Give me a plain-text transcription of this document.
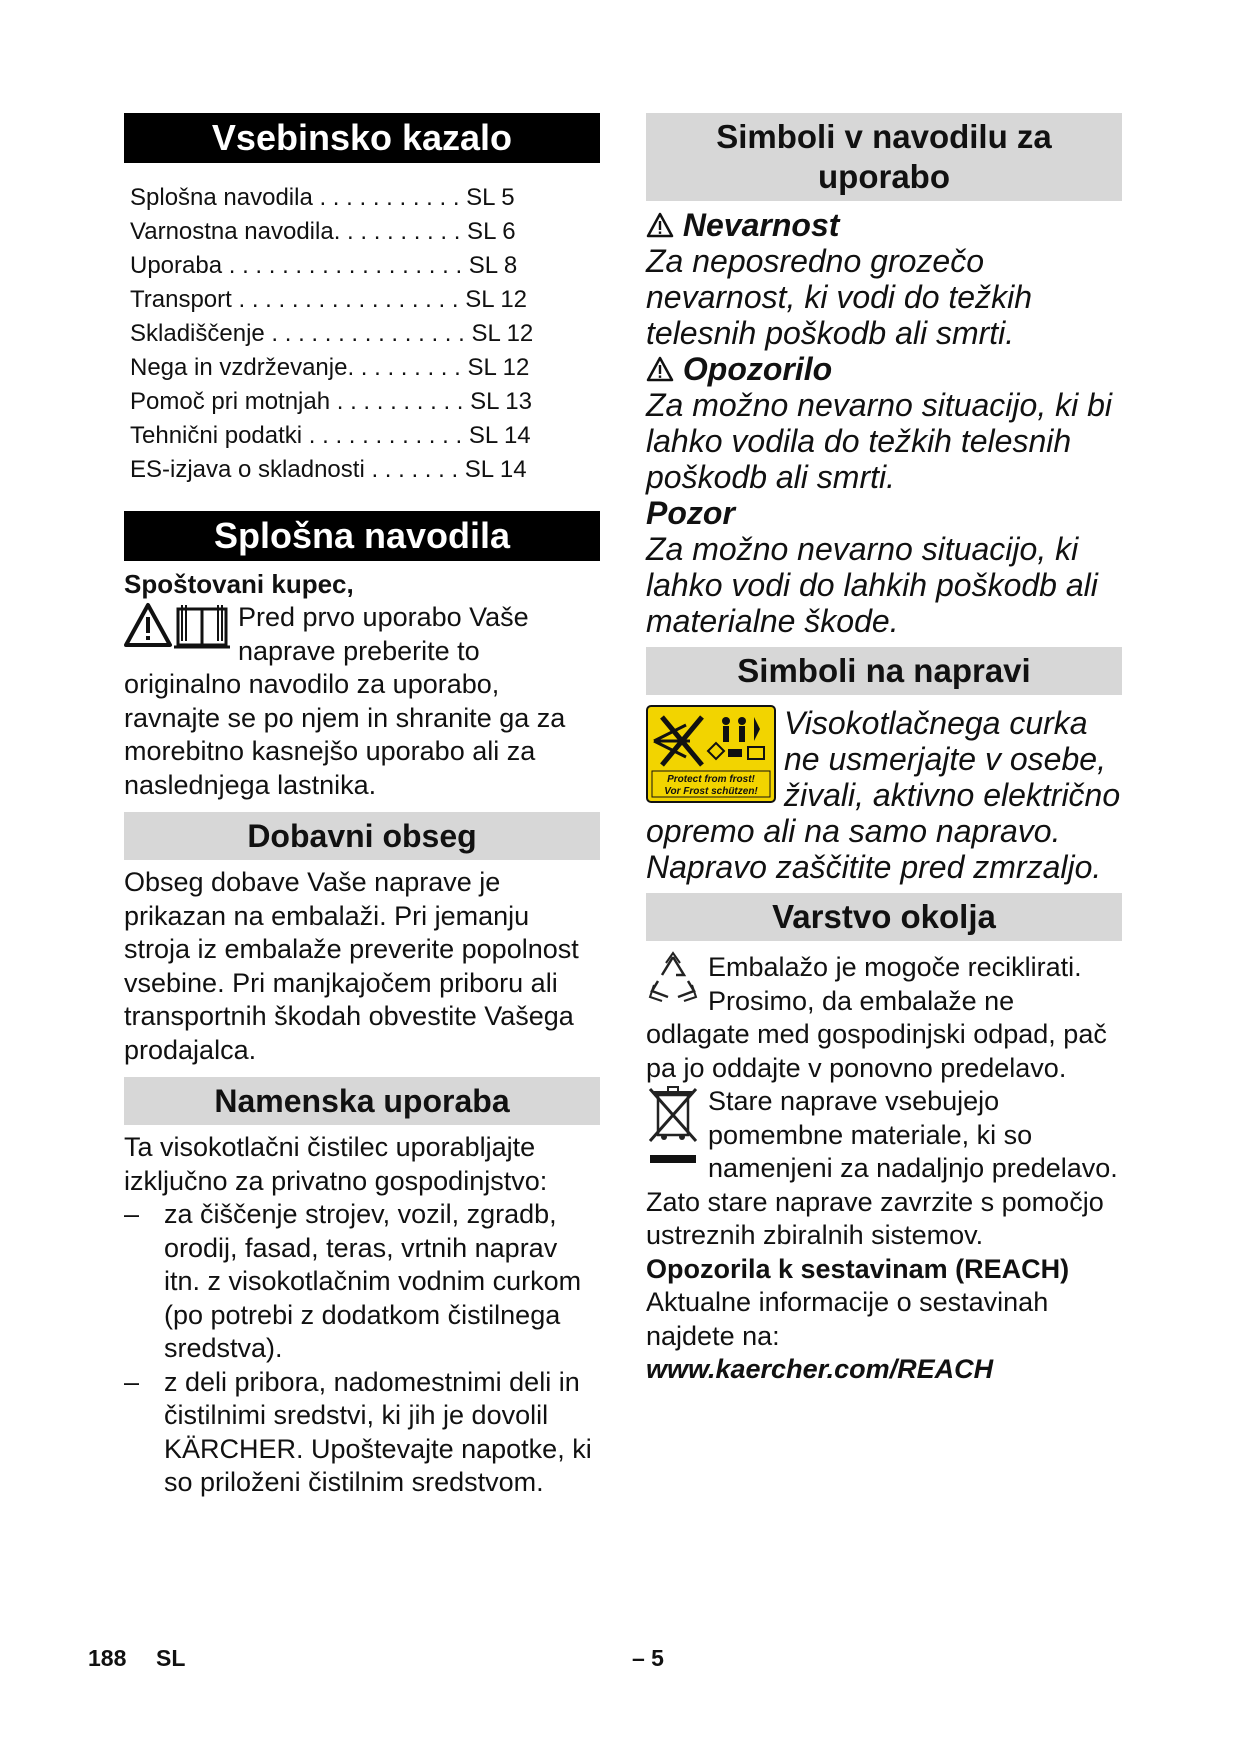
Vsebinsko kazalo
Splošna navodila . . . . . . . . . . . SL 5
Varnostna navodila. . . . . . . . . . SL 6
Uporaba . . . . . . . . . . . . . . . . . . SL 8
Transport . . . . . . . . . . . . . . . . . SL 12
Skladiščenje . . . . . . . . . . . . . . . SL 12
Nega in vzdrževanje. . . . . . . . . SL 12
Pomoč pri motnjah . . . . . . . . . . SL 13
Tehnični podatki . . . . . . . . . . . . SL 14
ES-izjava o skladnosti . . . . . . . SL 14
Splošna navodila
Spoštovani kupec,
Pred prvo uporabo Vaše naprave preberite to originalno navodilo za uporabo, ravnajte se po njem in shranite ga za morebitno kasnejšo uporabo ali za naslednjega lastnika.
Dobavni obseg
Obseg dobave Vaše naprave je prikazan na embalaži. Pri jemanju stroja iz embalaže preverite popolnost vsebine. Pri manjkajočem priboru ali transportnih škodah obvestite Vašega prodajalca.
Namenska uporaba
Ta visokotlačni čistilec uporabljajte izključno za privatno gospodinjstvo:
– za čiščenje strojev, vozil, zgradb, orodij, fasad, teras, vrtnih naprav itn. z visokotlačnim vodnim curkom (po potrebi z dodatkom čistilnega sredstva).
– z deli pribora, nadomestnimi deli in čistilnimi sredstvi, ki jih je dovolil KÄRCHER. Upoštevajte napotke, ki so priloženi čistilnim sredstvom.
Simboli v navodilu za uporabo
Nevarnost
Za neposredno grozečo nevarnost, ki vodi do težkih telesnih poškodb ali smrti.
Opozorilo
Za možno nevarno situacijo, ki bi lahko vodila do težkih telesnih poškodb ali smrti.
Pozor
Za možno nevarno situacijo, ki lahko vodi do lahkih poškodb ali materialne škode.
Simboli na napravi
Protect from frost!
Vor Frost schützen!
Visokotlačnega curka ne usmerjajte v osebe, živali, aktivno električno opremo ali na samo napravo. Napravo zaščitite pred zmrzaljo.
Varstvo okolja
Embalažo je mogoče reciklirati. Prosimo, da embalaže ne odlagate med gospodinjski odpad, pač pa jo oddajte v ponovno predelavo.
Stare naprave vsebujejo pomembne materiale, ki so namenjeni za nadaljnjo predelavo. Zato stare naprave zavrzite s pomočjo ustreznih zbiralnih sistemov.
Opozorila k sestavinam (REACH)
Aktualne informacije o sestavinah najdete na:
www.kaercher.com/REACH
188 SL	– 5
